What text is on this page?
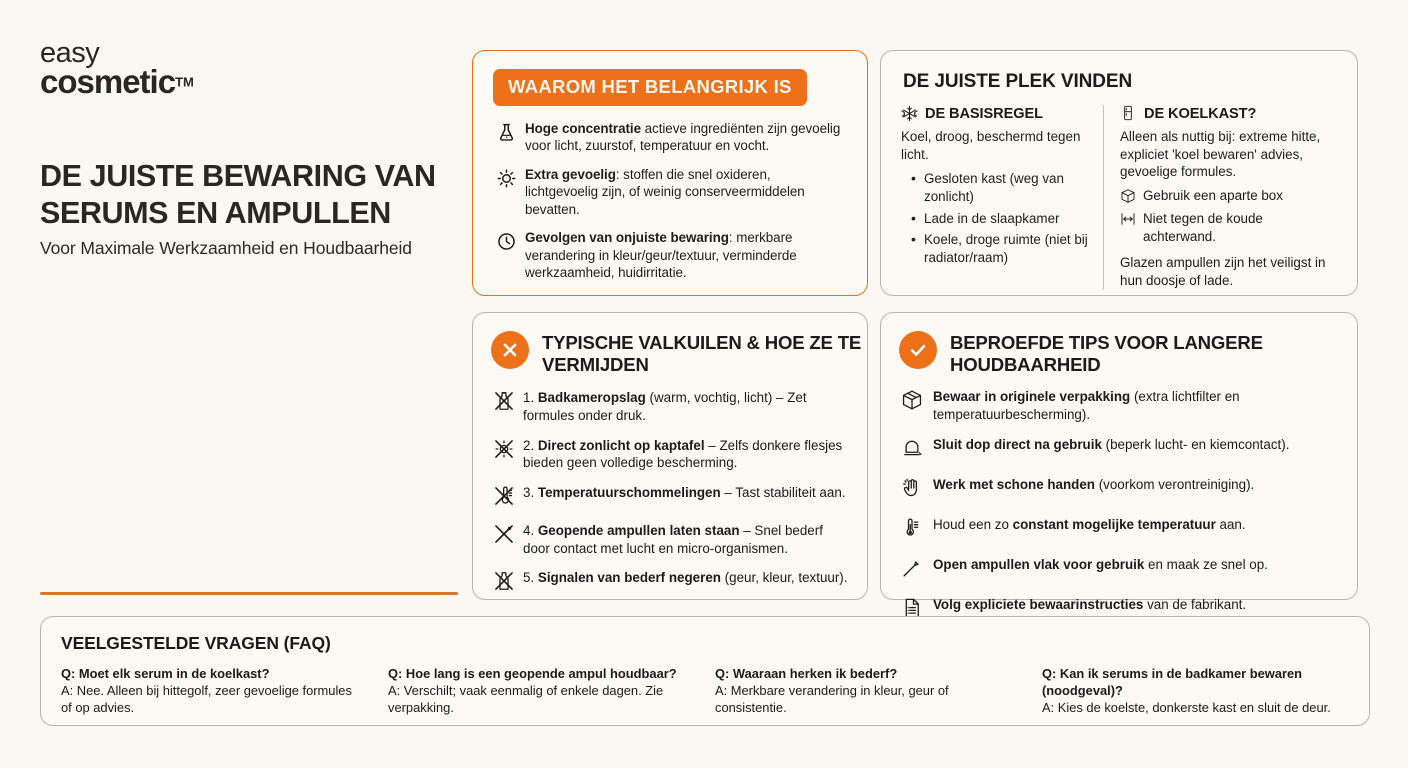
easy
cosmetic™
DE JUISTE BEWARING VAN SERUMS EN AMPULLEN
Voor Maximale Werkzaamheid en Houdbaarheid
WAAROM HET BELANGRIJK IS
Hoge concentratie actieve ingrediënten zijn gevoelig voor licht, zuurstof, temperatuur en vocht.
Extra gevoelig: stoffen die snel oxideren, lichtgevoelig zijn, of weinig conserveermiddelen bevatten.
Gevolgen van onjuiste bewaring: merkbare verandering in kleur/geur/textuur, verminderde werkzaamheid, huidirritatie.
DE JUISTE PLEK VINDEN
DE BASISREGEL
Koel, droog, beschermd tegen licht.
• Gesloten kast (weg van zonlicht)
• Lade in de slaapkamer
• Koele, droge ruimte (niet bij radiator/raam)
DE KOELKAST?
Alleen als nuttig bij: extreme hitte, expliciet 'koel bewaren' advies, gevoelige formules.
Gebruik een aparte box
Niet tegen de koude achterwand.
Glazen ampullen zijn het veiligst in hun doosje of lade.
TYPISCHE VALKUILEN & HOE ZE TE VERMIJDEN
1. Badkameropslag (warm, vochtig, licht) – Zet formules onder druk.
2. Direct zonlicht op kaptafel – Zelfs donkere flesjes bieden geen volledige bescherming.
3. Temperatuurschommelingen – Tast stabiliteit aan.
4. Geopende ampullen laten staan – Snel bederf door contact met lucht en micro-organismen.
5. Signalen van bederf negeren (geur, kleur, textuur).
BEPROEFDE TIPS VOOR LANGERE HOUDBAARHEID
Bewaar in originele verpakking (extra lichtfilter en temperatuurbescherming).
Sluit dop direct na gebruik (beperk lucht- en kiemcontact).
Werk met schone handen (voorkom verontreiniging).
Houd een zo constant mogelijke temperatuur aan.
Open ampullen vlak voor gebruik en maak ze snel op.
Volg expliciete bewaarinstructies van de fabrikant.
VEELGESTELDE VRAGEN (FAQ)
Q: Moet elk serum in de koelkast?
A: Nee. Alleen bij hittegolf, zeer gevoelige formules of op advies.
Q: Hoe lang is een geopende ampul houdbaar?
A: Verschilt; vaak eenmalig of enkele dagen. Zie verpakking.
Q: Waaraan herken ik bederf?
A: Merkbare verandering in kleur, geur of consistentie.
Q: Kan ik serums in de badkamer bewaren (noodgeval)?
A: Kies de koelste, donkerste kast en sluit de deur.
